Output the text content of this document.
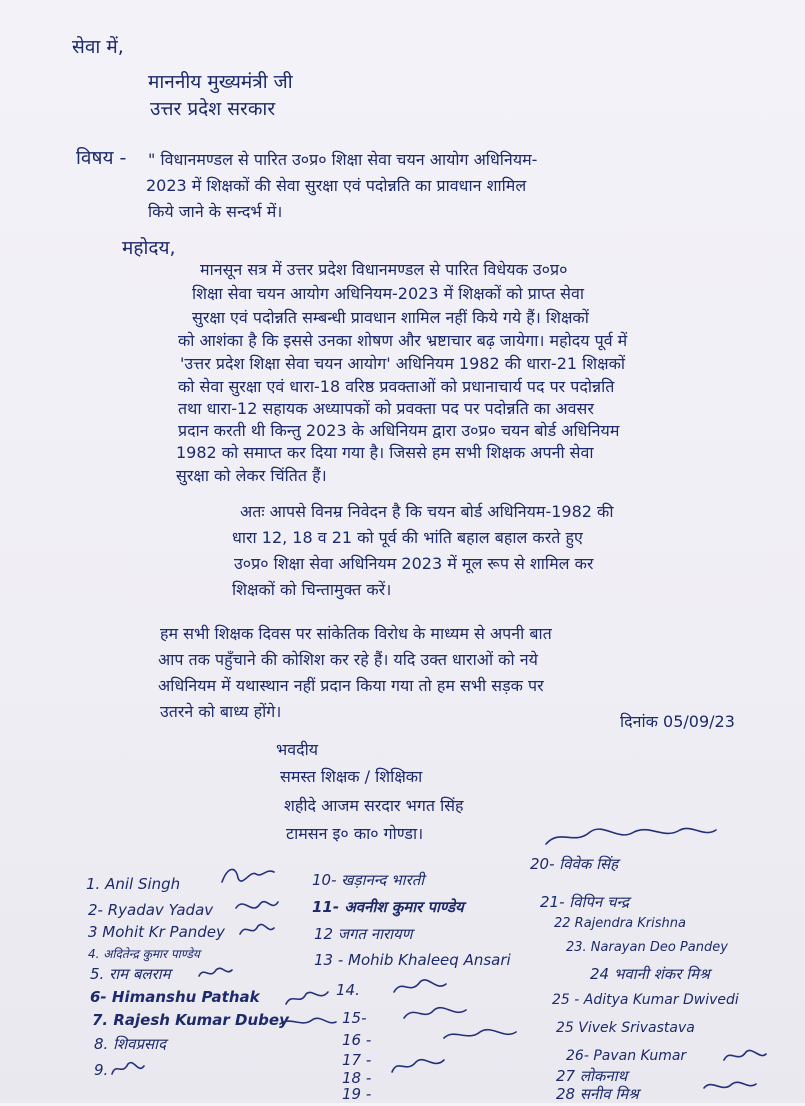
सेवा में,
माननीय मुख्यमंत्री जी
उत्तर प्रदेश सरकार
विषय - " विधानमण्डल से पारित उ०प्र० शिक्षा सेवा चयन आयोग अधिनियम-
2023 में शिक्षकों की सेवा सुरक्षा एवं पदोन्नति का प्रावधान शामिल
किये जाने के सन्दर्भ में।
महोदय,
मानसून सत्र में उत्तर प्रदेश विधानमण्डल से पारित विधेयक उ०प्र०
शिक्षा सेवा चयन आयोग अधिनियम-2023 में शिक्षकों को प्राप्त सेवा
सुरक्षा एवं पदोन्नति सम्बन्धी प्रावधान शामिल नहीं किये गये हैं। शिक्षकों
को आशंका है कि इससे उनका शोषण और भ्रष्टाचार बढ़ जायेगा। महोदय पूर्व में
'उत्तर प्रदेश शिक्षा सेवा चयन आयोग' अधिनियम 1982 की धारा-21 शिक्षकों
को सेवा सुरक्षा एवं धारा-18 वरिष्ठ प्रवक्ताओं को प्रधानाचार्य पद पर पदोन्नति
तथा धारा-12 सहायक अध्यापकों को प्रवक्ता पद पर पदोन्नति का अवसर
प्रदान करती थी किन्तु 2023 के अधिनियम द्वारा उ०प्र० चयन बोर्ड अधिनियम
1982 को समाप्त कर दिया गया है। जिससे हम सभी शिक्षक अपनी सेवा
सुरक्षा को लेकर चिंतित हैं।
अतः आपसे विनम्र निवेदन है कि चयन बोर्ड अधिनियम-1982 की
धारा 12, 18 व 21 को पूर्व की भांति बहाल बहाल करते हुए
उ०प्र० शिक्षा सेवा अधिनियम 2023 में मूल रूप से शामिल कर
शिक्षकों को चिन्तामुक्त करें।
हम सभी शिक्षक दिवस पर सांकेतिक विरोध के माध्यम से अपनी बात
आप तक पहुँचाने की कोशिश कर रहे हैं। यदि उक्त धाराओं को नये
अधिनियम में यथास्थान नहीं प्रदान किया गया तो हम सभी सड़क पर
उतरने को बाध्य होंगे।
दिनांक 05/09/23
भवदीय
समस्त शिक्षक / शिक्षिका
शहीदे आजम सरदार भगत सिंह
टामसन इ० का० गोण्डा।
1. Anil Singh
2- Ryadav Yadav
3 Mohit Kr Pandey
4. अदितेन्द्र कुमार पाण्डेय
5. राम बलराम
6- Himanshu Pathak
7. Rajesh Kumar Dubey
8. शिवप्रसाद
9.
10- खड़ानन्द भारती
11- अवनीश कुमार पाण्डेय
12 जगत नारायण
13 - Mohib Khaleeq Ansari
14.
15-
16 -
17 -
18 -
19 -
20- विवेक सिंह
21- विपिन चन्द्र
22 Rajendra Krishna
23. Narayan Deo Pandey
24 भवानी शंकर मिश्र
25 - Aditya Kumar Dwivedi
25 Vivek Srivastava
26- Pavan Kumar
27 लोकनाथ
28 सनीव मिश्र
